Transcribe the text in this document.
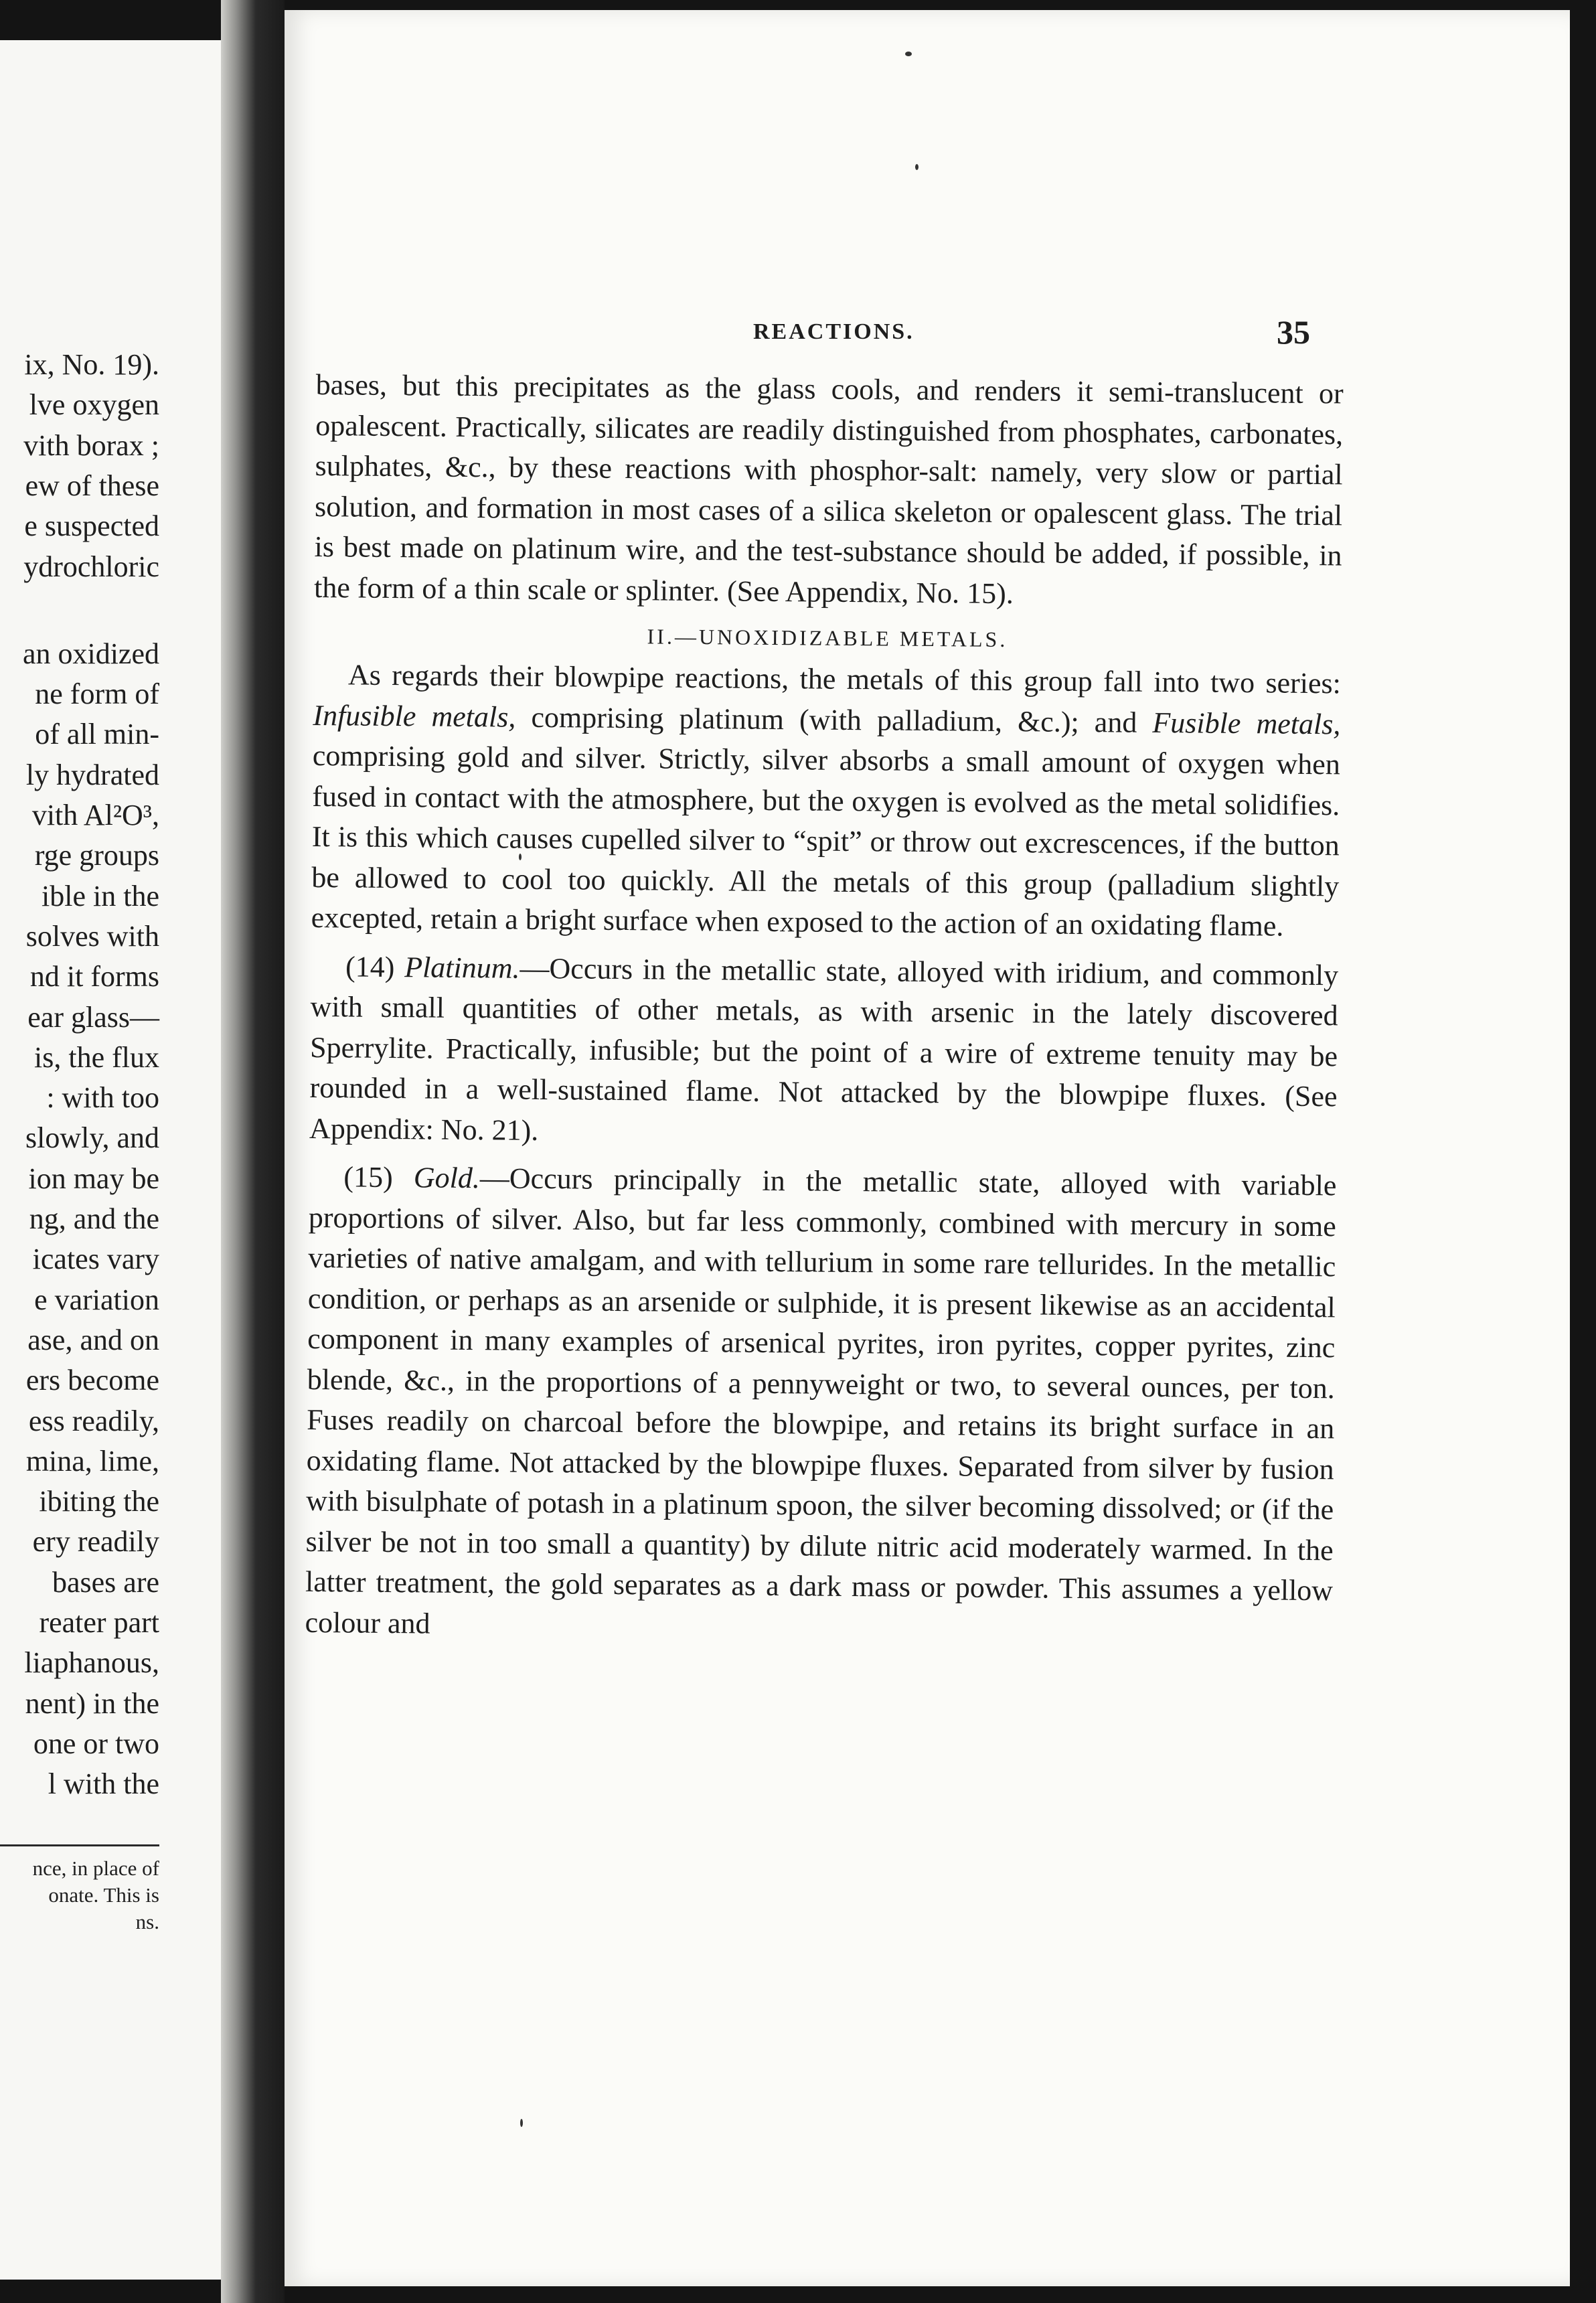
ix, No. 19).
lve oxygen
vith borax ;
ew of these
e suspected
ydrochloric
an oxidized
ne form of
of all min-
ly hydrated
vith Al²O³,
rge groups
ible in the
solves with
nd it forms
ear glass—
is, the flux
: with too
slowly, and
ion may be
ng, and the
icates vary
e variation
ase, and on
ers become
ess readily,
mina, lime,
ibiting the
ery readily
bases are
reater part
liaphanous,
nent) in the
one or two
l with the
nce, in place of
onate. This is
ns.
REACTIONS.	35

bases, but this precipitates as the glass cools, and renders it semi-translucent or opalescent. Practically, silicates are readily distinguished from phosphates, carbonates, sulphates, &c., by these reactions with phosphor-salt: namely, very slow or partial solution, and formation in most cases of a silica skeleton or opalescent glass. The trial is best made on platinum wire, and the test-substance should be added, if possible, in the form of a thin scale or splinter. (See Appendix, No. 15).

II.—UNOXIDIZABLE METALS.

As regards their blowpipe reactions, the metals of this group fall into two series: Infusible metals, comprising platinum (with palladium, &c.); and Fusible metals, comprising gold and silver. Strictly, silver absorbs a small amount of oxygen when fused in contact with the atmosphere, but the oxygen is evolved as the metal solidifies. It is this which causes cupelled silver to “spit” or throw out excrescences, if the button be allowed to cool too quickly. All the metals of this group (palladium slightly excepted, retain a bright surface when exposed to the action of an oxidating flame.

(14) Platinum.—Occurs in the metallic state, alloyed with iridium, and commonly with small quantities of other metals, as with arsenic in the lately discovered Sperrylite. Practically, infusible; but the point of a wire of extreme tenuity may be rounded in a well-sustained flame. Not attacked by the blowpipe fluxes. (See Appendix: No. 21).

(15) Gold.—Occurs principally in the metallic state, alloyed with variable proportions of silver. Also, but far less commonly, combined with mercury in some varieties of native amalgam, and with tellurium in some rare tellurides. In the metallic condition, or perhaps as an arsenide or sulphide, it is present likewise as an accidental component in many examples of arsenical pyrites, iron pyrites, copper pyrites, zinc blende, &c., in the proportions of a pennyweight or two, to several ounces, per ton. Fuses readily on charcoal before the blowpipe, and retains its bright surface in an oxidating flame. Not attacked by the blowpipe fluxes. Separated from silver by fusion with bisulphate of potash in a platinum spoon, the silver becoming dissolved; or (if the silver be not in too small a quantity) by dilute nitric acid moderately warmed. In the latter treatment, the gold separates as a dark mass or powder. This assumes a yellow colour and
